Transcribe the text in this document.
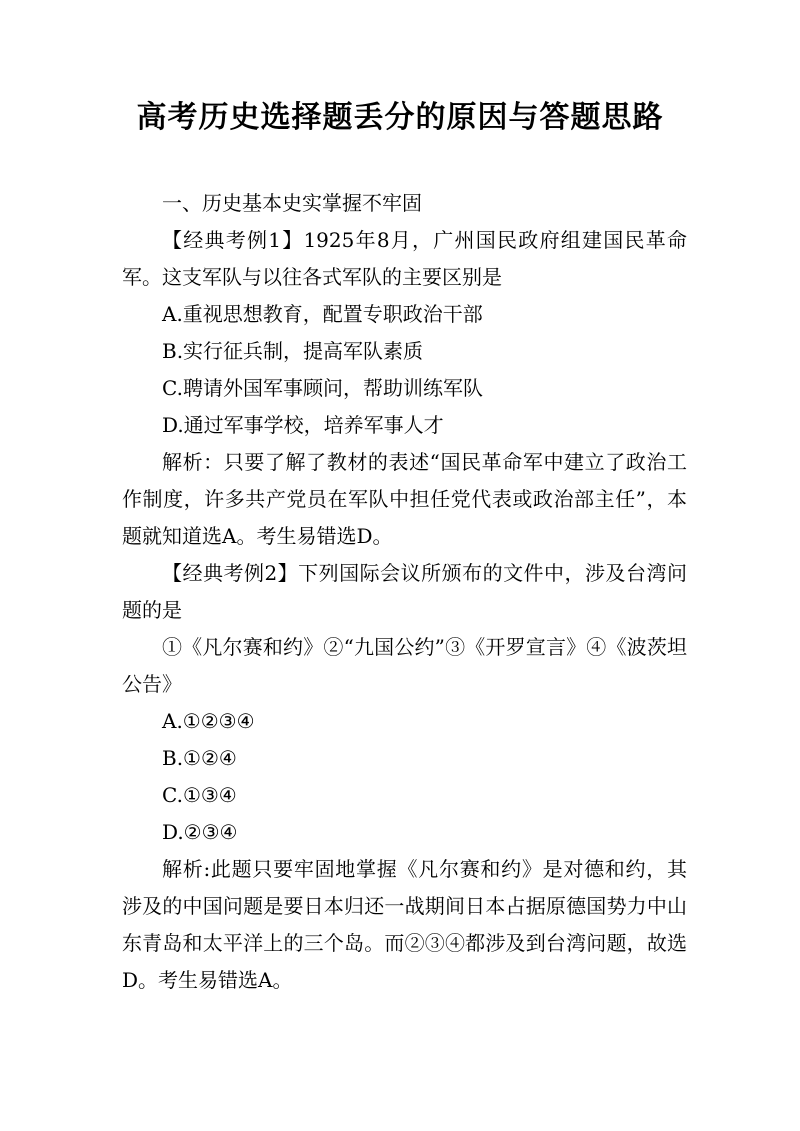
高考历史选择题丢分的原因与答题思路

一、历史基本史实掌握不牢固

【经典考例1】1925年8月，广州国民政府组建国民革命军。这支军队与以往各式军队的主要区别是

A.重视思想教育，配置专职政治干部

B.实行征兵制，提高军队素质

C.聘请外国军事顾问，帮助训练军队

D.通过军事学校，培养军事人才

解析：只要了解了教材的表述“国民革命军中建立了政治工作制度，许多共产党员在军队中担任党代表或政治部主任”，本题就知道选A。考生易错选D。

【经典考例2】下列国际会议所颁布的文件中，涉及台湾问题的是

①《凡尔赛和约》②“九国公约”③《开罗宣言》④《波茨坦公告》

A.①②③④

B.①②④

C.①③④

D.②③④

解析:此题只要牢固地掌握《凡尔赛和约》是对德和约，其涉及的中国问题是要日本归还一战期间日本占据原德国势力中山东青岛和太平洋上的三个岛。而②③④都涉及到台湾问题，故选D。考生易错选A。
